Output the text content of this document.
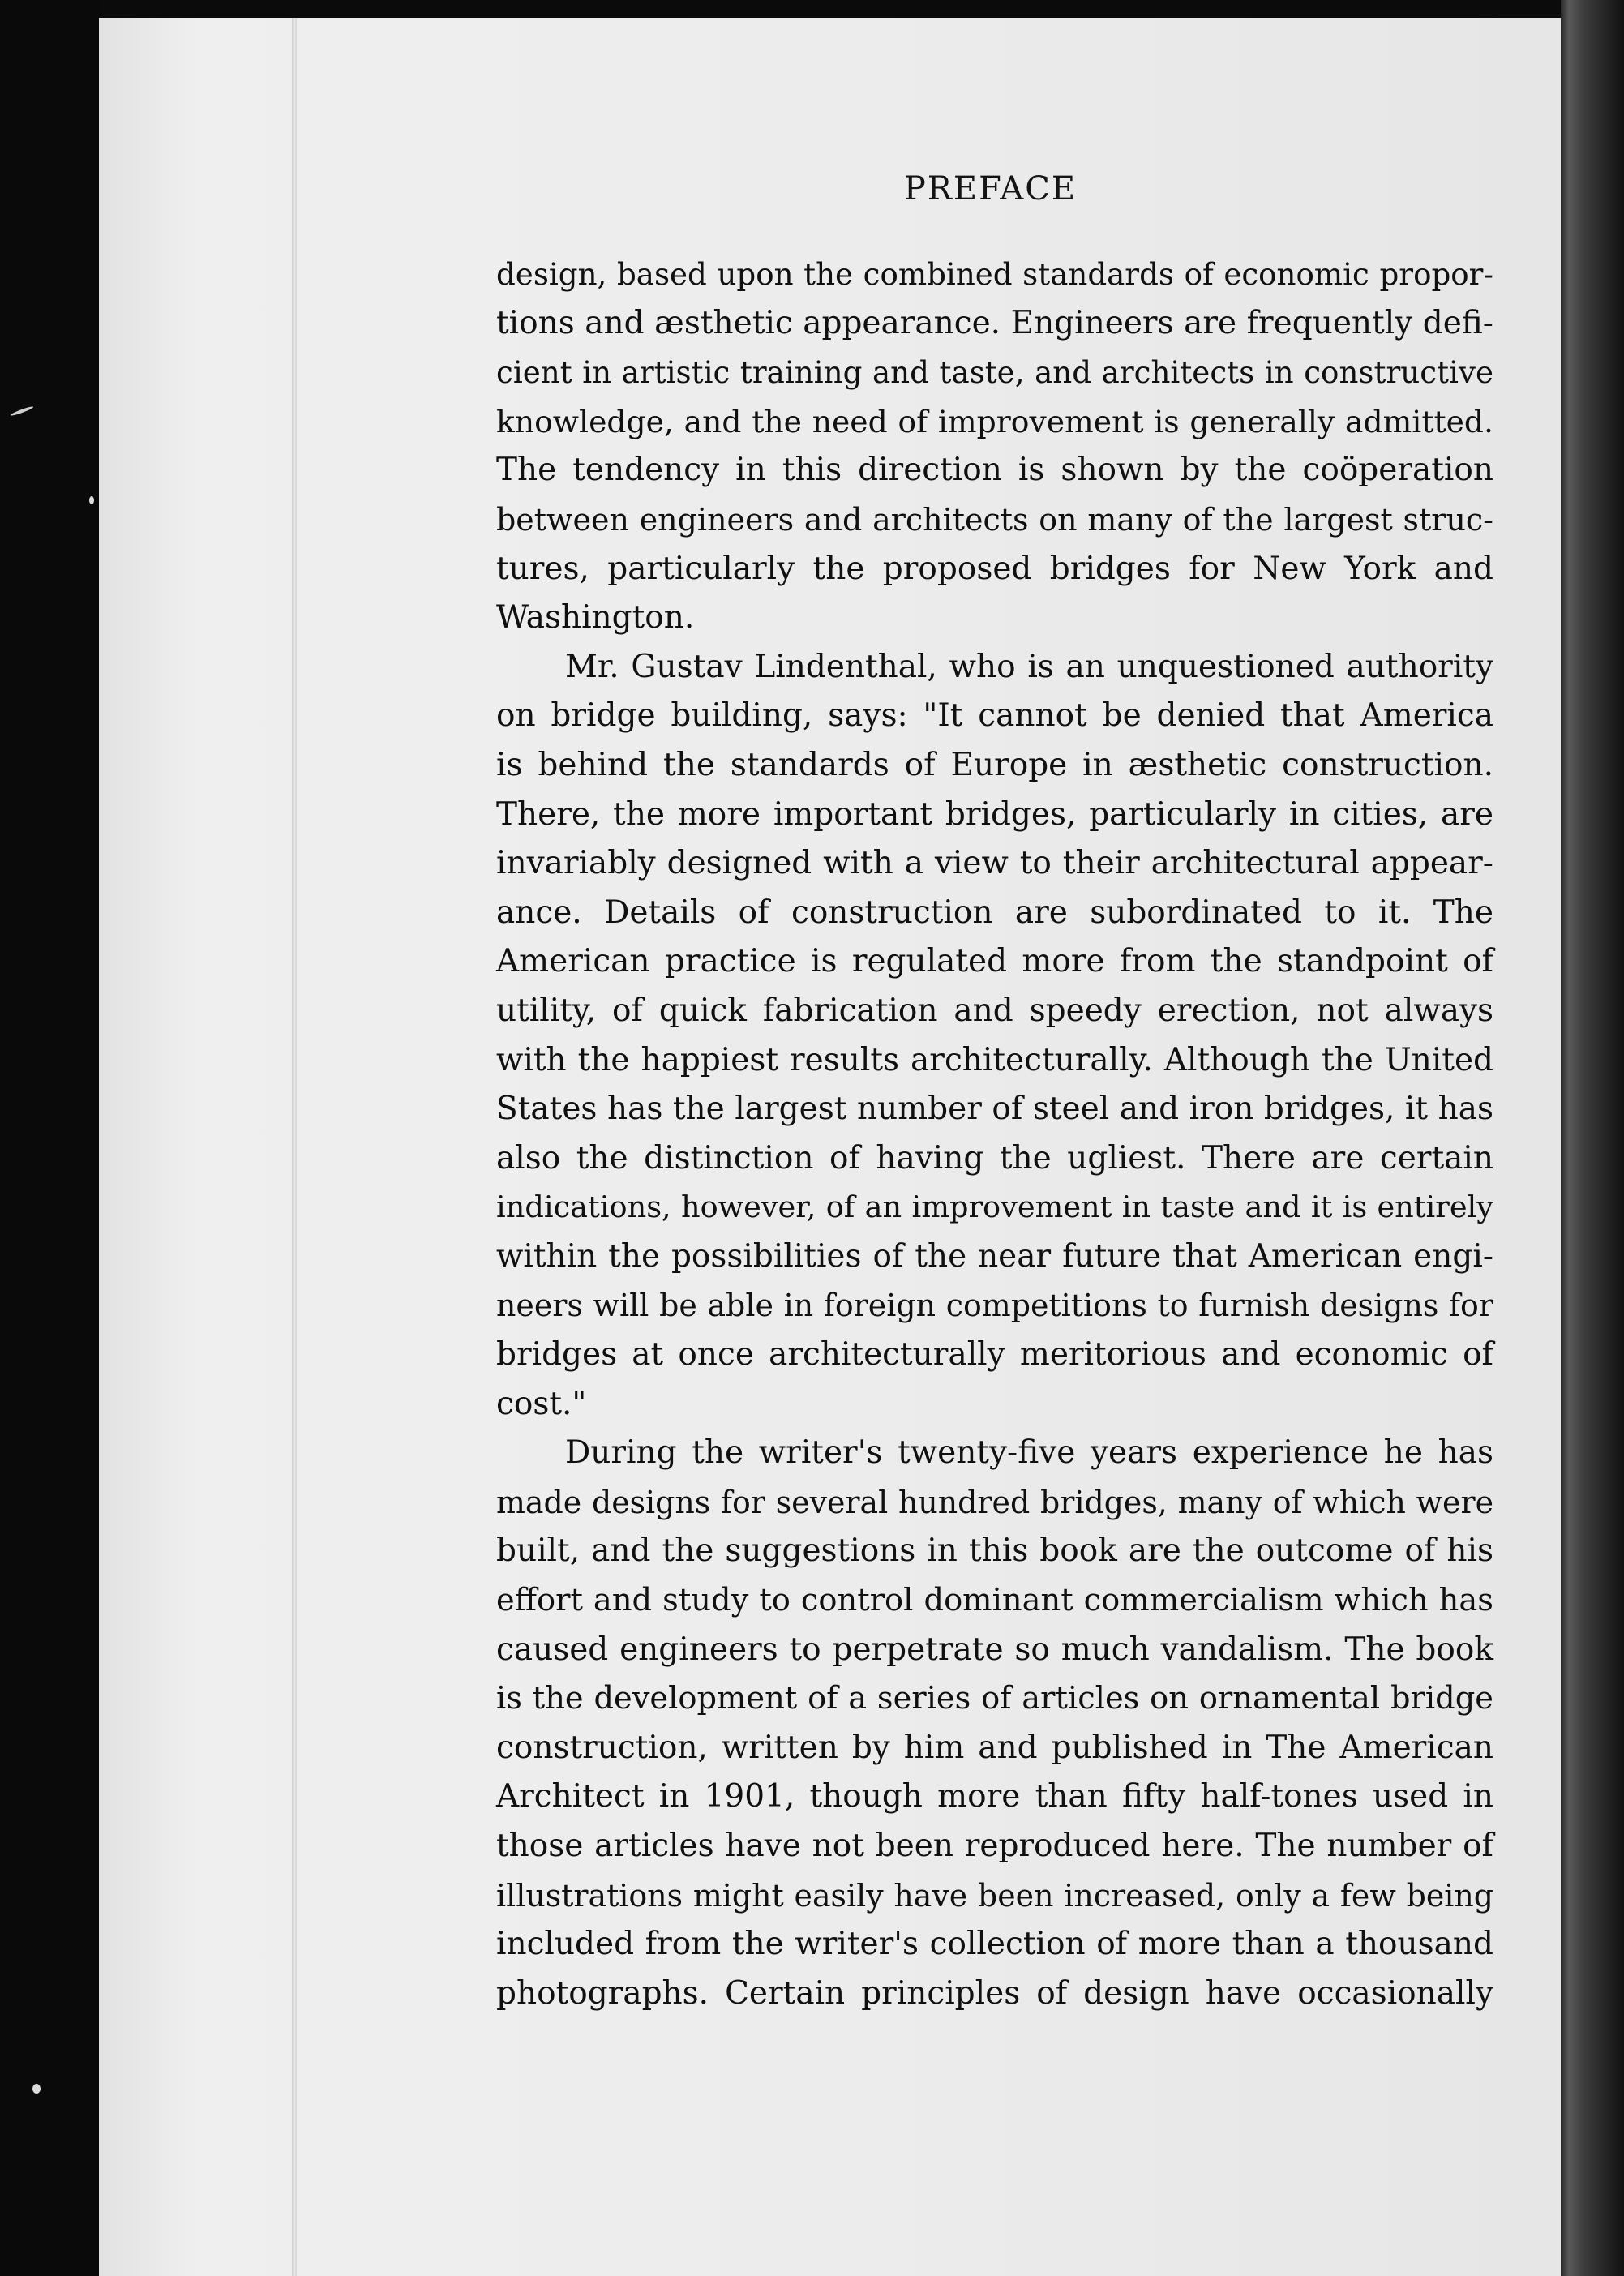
PREFACE
design, based upon the combined standards of economic propor-
tions and æsthetic appearance. Engineers are frequently defi-
cient in artistic training and taste, and architects in constructive
knowledge, and the need of improvement is generally admitted.
The tendency in this direction is shown by the coöperation
between engineers and architects on many of the largest struc-
tures, particularly the proposed bridges for New York and
Washington.
Mr. Gustav Lindenthal, who is an unquestioned authority
on bridge building, says: "It cannot be denied that America
is behind the standards of Europe in æsthetic construction.
There, the more important bridges, particularly in cities, are
invariably designed with a view to their architectural appear-
ance. Details of construction are subordinated to it. The
American practice is regulated more from the standpoint of
utility, of quick fabrication and speedy erection, not always
with the happiest results architecturally. Although the United
States has the largest number of steel and iron bridges, it has
also the distinction of having the ugliest. There are certain
indications, however, of an improvement in taste and it is entirely
within the possibilities of the near future that American engi-
neers will be able in foreign competitions to furnish designs for
bridges at once architecturally meritorious and economic of
cost."
During the writer's twenty-five years experience he has
made designs for several hundred bridges, many of which were
built, and the suggestions in this book are the outcome of his
effort and study to control dominant commercialism which has
caused engineers to perpetrate so much vandalism. The book
is the development of a series of articles on ornamental bridge
construction, written by him and published in The American
Architect in 1901, though more than fifty half-tones used in
those articles have not been reproduced here. The number of
illustrations might easily have been increased, only a few being
included from the writer's collection of more than a thousand
photographs. Certain principles of design have occasionally
